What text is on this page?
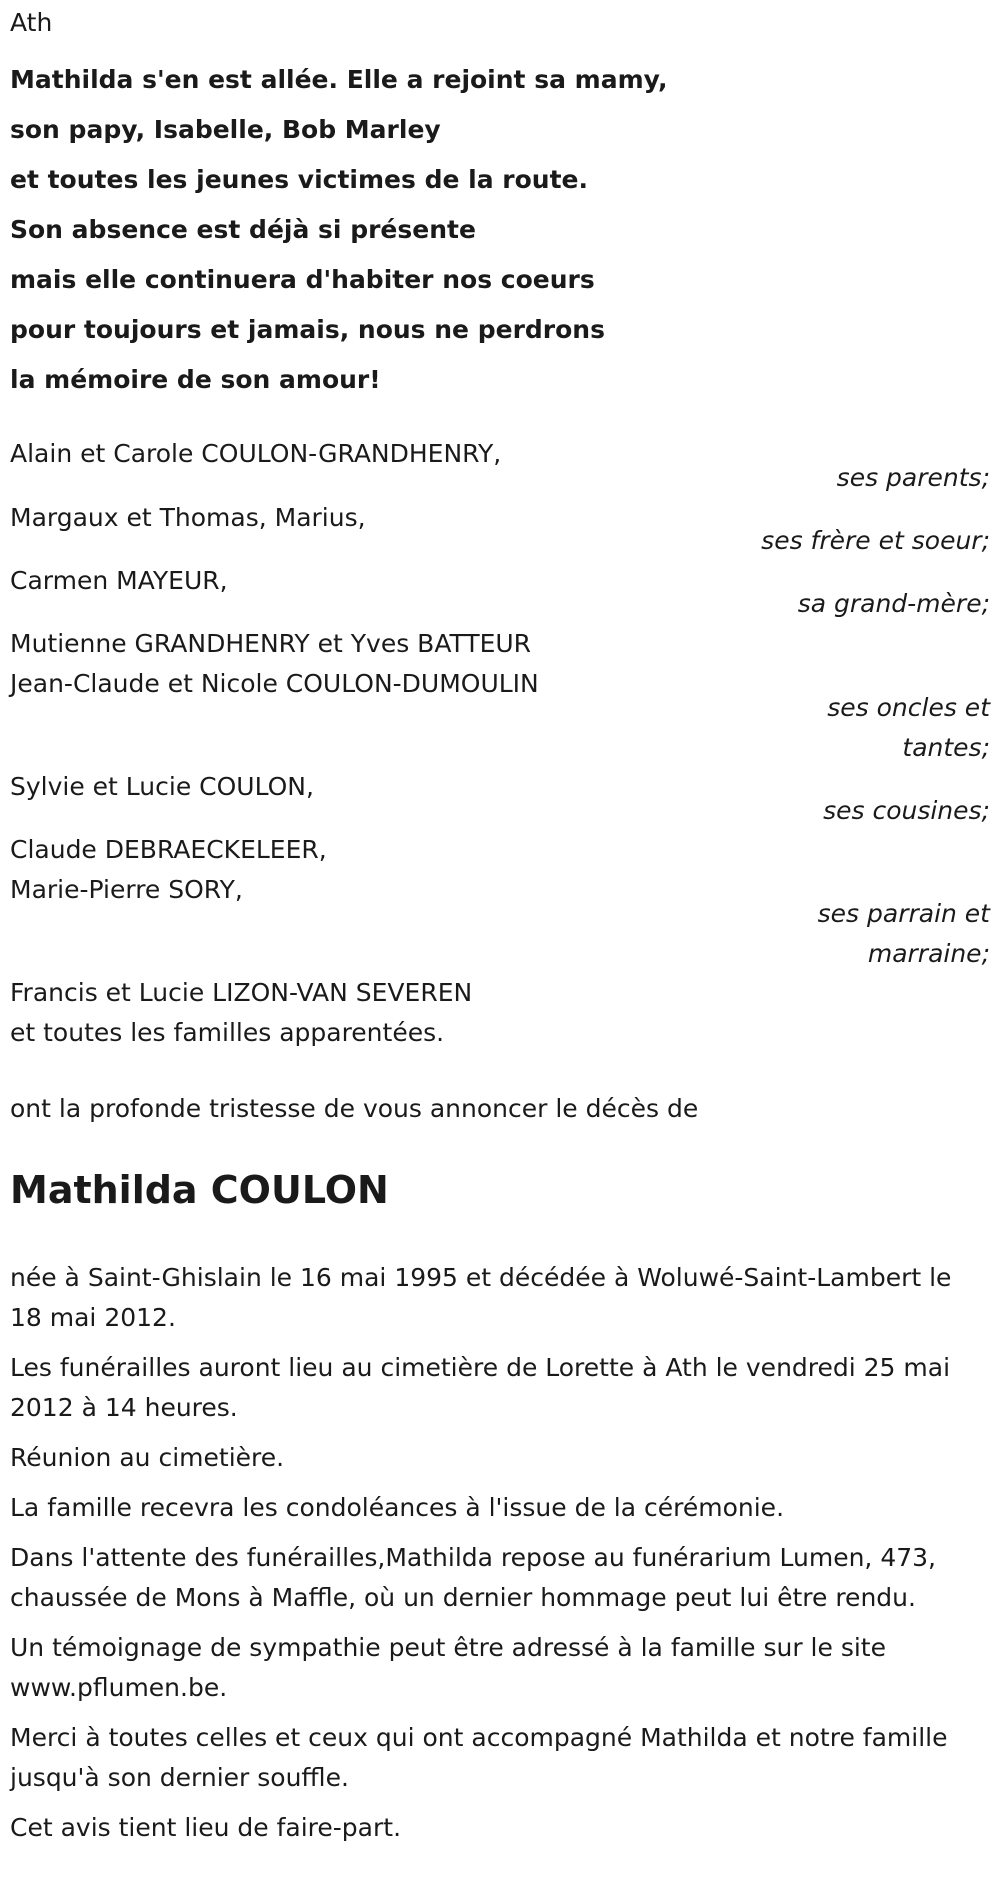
Ath
Mathilda s'en est allée. Elle a rejoint sa mamy,
son papy, Isabelle, Bob Marley
et toutes les jeunes victimes de la route.
Son absence est déjà si présente
mais elle continuera d'habiter nos coeurs
pour toujours et jamais, nous ne perdrons
la mémoire de son amour!
Alain et Carole COULON-GRANDHENRY,
ses parents;
Margaux et Thomas, Marius,
ses frère et soeur;
Carmen MAYEUR,
sa grand-mère;
Mutienne GRANDHENRY et Yves BATTEUR
Jean-Claude et Nicole COULON-DUMOULIN
ses oncles et
tantes;
Sylvie et Lucie COULON,
ses cousines;
Claude DEBRAECKELEER,
Marie-Pierre SORY,
ses parrain et
marraine;
Francis et Lucie LIZON-VAN SEVEREN
et toutes les familles apparentées.
ont la profonde tristesse de vous annoncer le décès de
Mathilda COULON

née à Saint-Ghislain le 16 mai 1995 et décédée à Woluwé-Saint-Lambert le 18 mai 2012.

Les funérailles auront lieu au cimetière de Lorette à Ath le vendredi 25 mai 2012 à 14 heures.

Réunion au cimetière.

La famille recevra les condoléances à l'issue de la cérémonie.

Dans l'attente des funérailles,Mathilda repose au funérarium Lumen, 473, chaussée de Mons à Maffle, où un dernier hommage peut lui être rendu.

Un témoignage de sympathie peut être adressé à la famille sur le site www.pflumen.be.

Merci à toutes celles et ceux qui ont accompagné Mathilda et notre famille jusqu'à son dernier souffle.

Cet avis tient lieu de faire-part.
